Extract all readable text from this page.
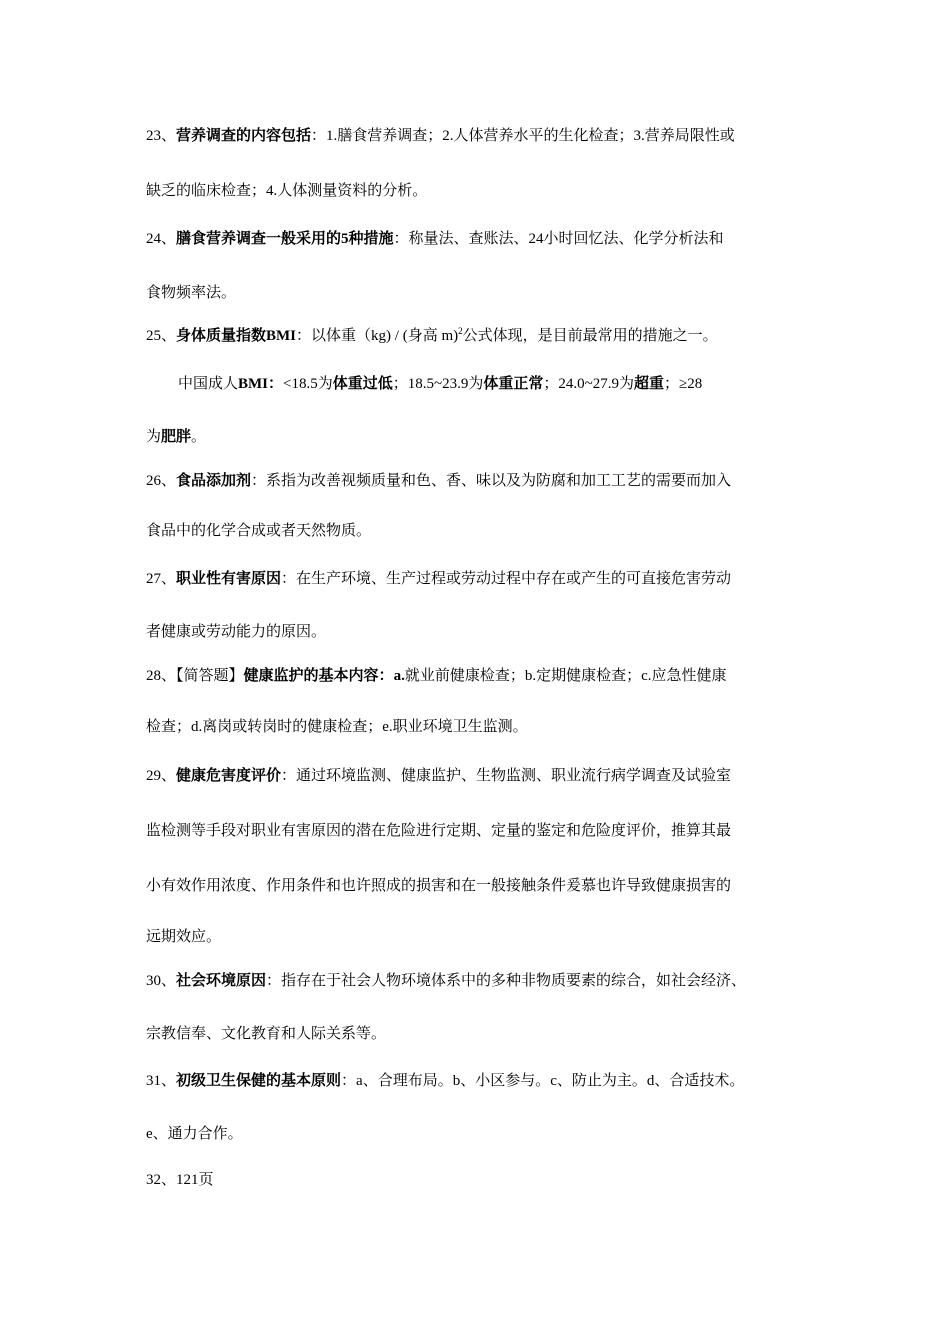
23、营养调查的内容包括：1.膳食营养调查；2.人体营养水平的生化检查；3.营养局限性或
缺乏的临床检查；4.人体测量资料的分析。
24、膳食营养调查一般采用的5种措施：称量法、查账法、24小时回忆法、化学分析法和
食物频率法。
25、身体质量指数BMI：以体重（kg) / (身高 m)$^2$公式体现，是目前最常用的措施之一。
中国成人BMI：<18.5为体重过低；18.5~23.9为体重正常；24.0~27.9为超重；≥28
为肥胖。
26、食品添加剂：系指为改善视频质量和色、香、味以及为防腐和加工工艺的需要而加入
食品中的化学合成或者天然物质。
27、职业性有害原因：在生产环境、生产过程或劳动过程中存在或产生的可直接危害劳动
者健康或劳动能力的原因。
28、【简答题】健康监护的基本内容：a.就业前健康检查；b.定期健康检查；c.应急性健康
检查；d.离岗或转岗时的健康检查；e.职业环境卫生监测。
29、健康危害度评价：通过环境监测、健康监护、生物监测、职业流行病学调查及试验室
监检测等手段对职业有害原因的潜在危险进行定期、定量的鉴定和危险度评价，推算其最
小有效作用浓度、作用条件和也许照成的损害和在一般接触条件爰慕也许导致健康损害的
远期效应。
30、社会环境原因：指存在于社会人物环境体系中的多种非物质要素的综合，如社会经济、
宗教信奉、文化教育和人际关系等。
31、初级卫生保健的基本原则：a、合理布局。b、小区参与。c、防止为主。d、合适技术。
e、通力合作。
32、121页
